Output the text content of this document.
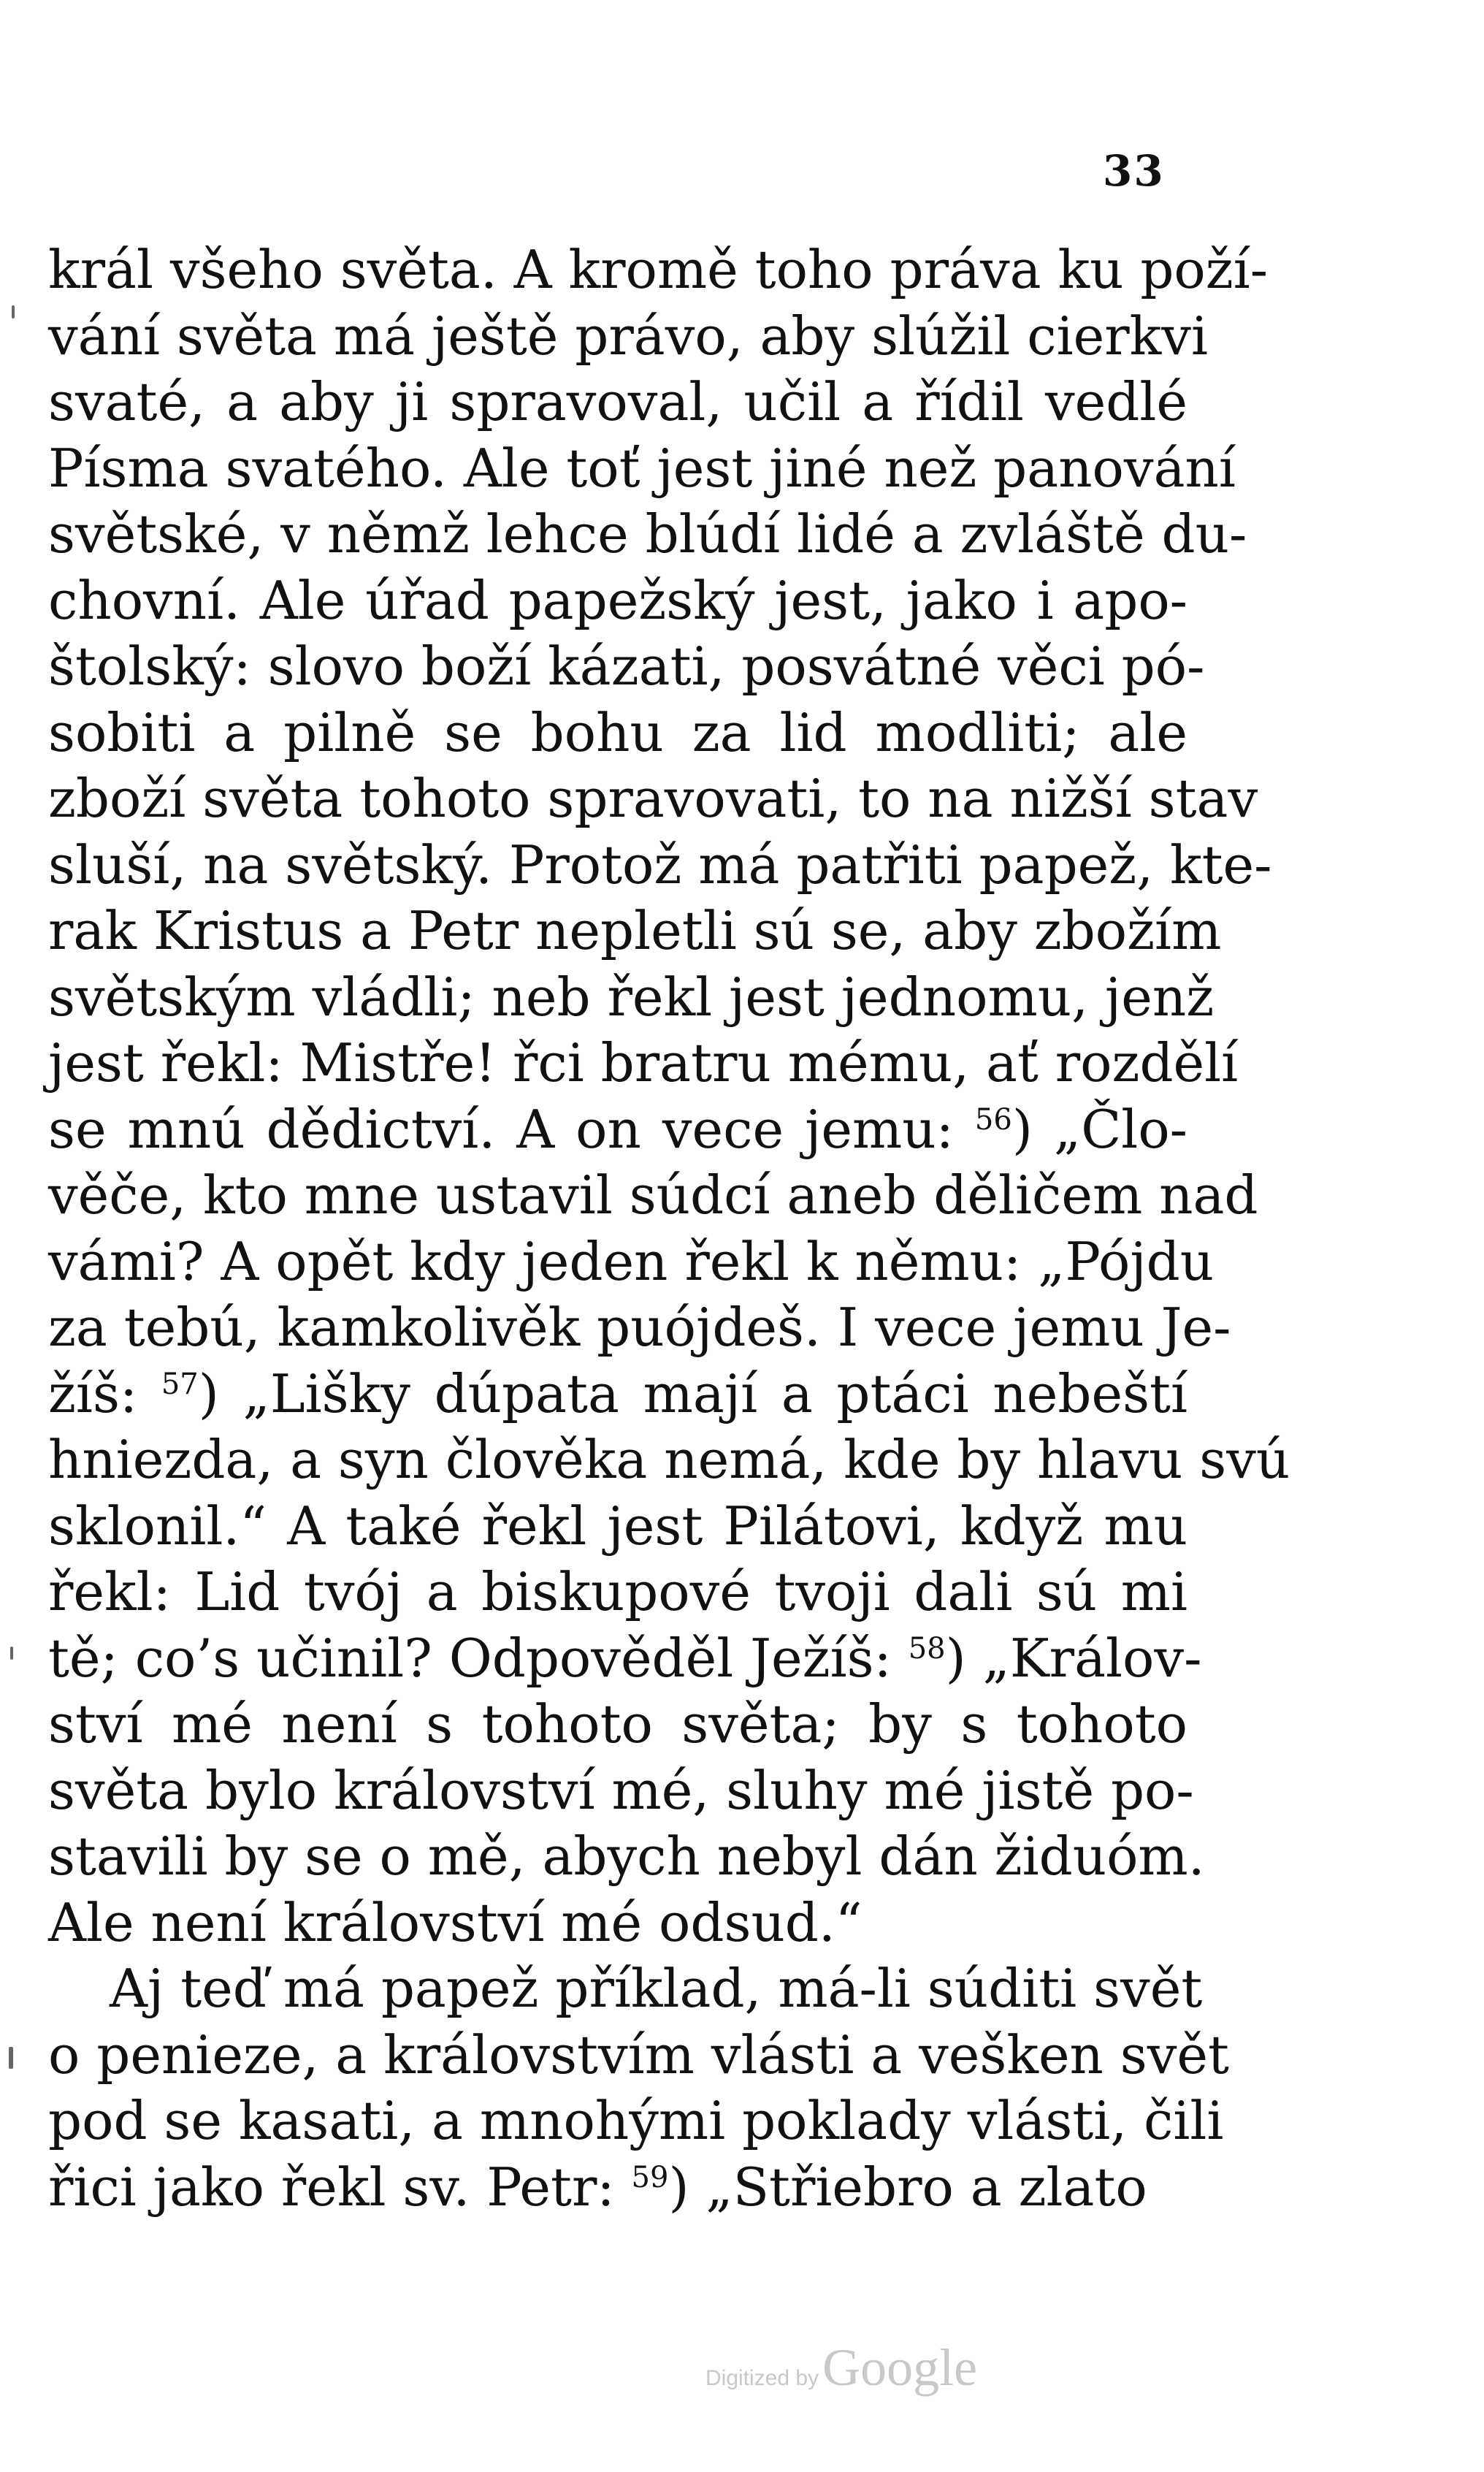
33
král všeho světa. A kromě toho práva ku poží-
vání světa má ještě právo, aby slúžil cierkvi
svaté, a aby ji spravoval, učil a řídil vedlé
Písma svatého. Ale toť jest jiné než panování
světské, v němž lehce blúdí lidé a zvláště du-
chovní. Ale úřad papežský jest, jako i apo-
štolský: slovo boží kázati, posvátné věci pó-
sobiti a pilně se bohu za lid modliti; ale
zboží světa tohoto spravovati, to na nižší stav
sluší, na světský. Protož má patřiti papež, kte-
rak Kristus a Petr nepletli sú se, aby zbožím
světským vládli; neb řekl jest jednomu, jenž
jest řekl: Mistře! řci bratru mému, ať rozdělí
se mnú dědictví. A on vece jemu: $^{56}$) „Člo-
věče, kto mne ustavil súdcí aneb děličem nad
vámi? A opět kdy jeden řekl k němu: „Pójdu
za tebú, kamkolivěk puójdeš. I vece jemu Je-
žíš: $^{57}$) „Lišky dúpata mají a ptáci nebeští
hniezda, a syn člověka nemá, kde by hlavu svú
sklonil.“ A také řekl jest Pilátovi, když mu
řekl: Lid tvój a biskupové tvoji dali sú mi
tě; co’s učinil? Odpověděl Ježíš: $^{58}$) „Králov-
ství mé není s tohoto světa; by s tohoto
světa bylo království mé, sluhy mé jistě po-
stavili by se o mě, abych nebyl dán židuóm.
Ale není království mé odsud.“
Aj teď má papež příklad, má-li súditi svět
o penieze, a královstvím vlásti a vešken svět
pod se kasati, a mnohými poklady vlásti, čili
řici jako řekl sv. Petr: $^{59}$) „Střiebro a zlato
Digitized by Google
